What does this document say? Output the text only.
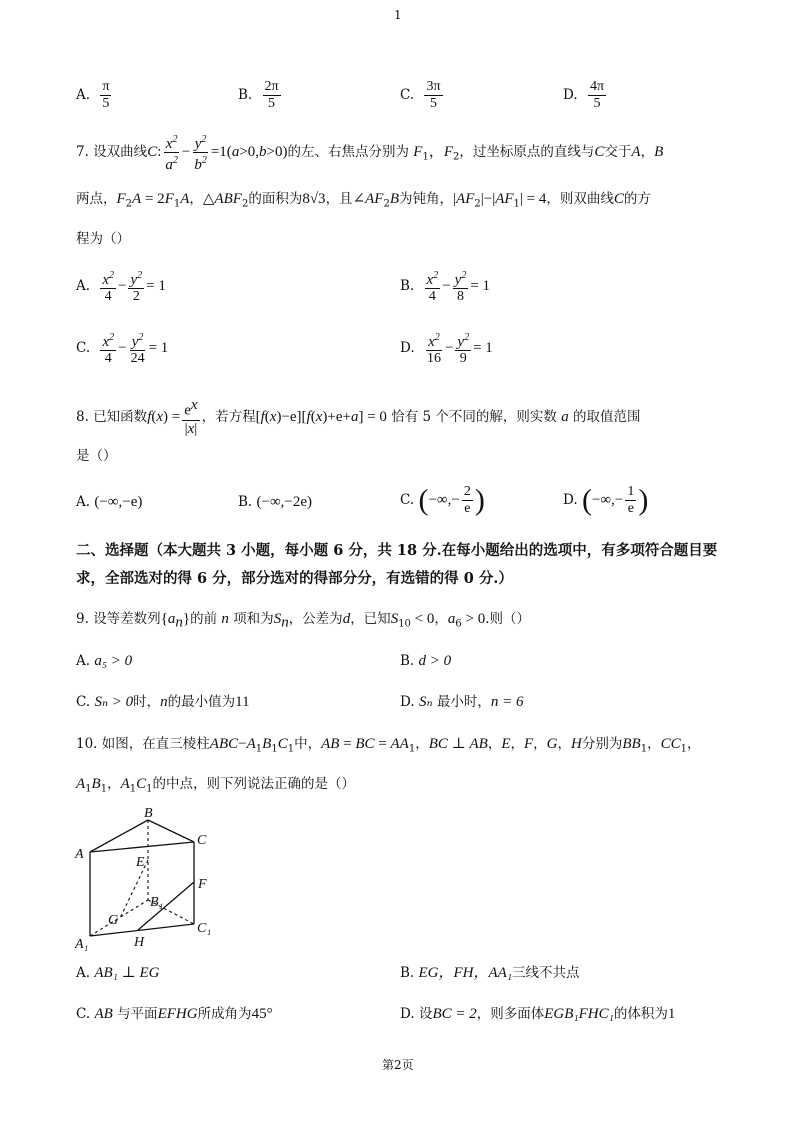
1
A. $\frac{\pi}{5}$	B. $\frac{2\pi}{5}$	C. $\frac{3\pi}{5}$	D. $\frac{4\pi}{5}$
7. 设双曲线C: $\frac{x^2}{a^2} - \frac{y^2}{b^2} =1(a>0,b>0)$的左、右焦点分别为 $F_1$，$F_2$，过坐标原点的直线与C交于A，B
两点，$F_2A = 2F_1A$，$\triangle ABF_2$的面积为8√3，且$\angle AF_2B$为钝角，$|AF_2|-|AF_1| = 4$，则双曲线C的方
程为（）
A. $\frac{x^2}{4} - \frac{y^2}{2} = 1$	B. $\frac{x^2}{4} - \frac{y^2}{8} = 1$
C. $\frac{x^2}{4} - \frac{y^2}{24} = 1$	D. $\frac{x^2}{16} - \frac{y^2}{9} = 1$
8. 已知函数$f(x) = \frac{e^x}{|x|}$ ，若方程[f(x)−e][f(x)+e+a] = 0 恰有 5 个不同的解，则实数 a 的取值范围
是（）
A. (−∞,−e)	B. (−∞,−2e)	C. (−∞,− $\frac{2}{e}$ )	D. (−∞,− $\frac{1}{e}$ )
二、选择题（本大题共 3 小题，每小题 6 分，共 18 分.在每小题给出的选项中，有多项符合题目要求，全部选对的得 6 分，部分选对的得部分分，有选错的得 0 分.）
9. 设等差数列$\{a_n\}$的前 n 项和为$S_n$，公差为d，已知$S_{10} < 0$，$a_6 > 0$.则（）
A. a₅ > 0	B. d > 0
C. Sₙ > 0时，n的最小值为11	D. Sₙ 最小时，n = 6
10. 如图，在直三棱柱$ABC-A_1B_1C_1$中，AB = BC = $AA_1$，BC ⊥ AB，E，F，G，H分别为$BB_1$，$CC_1$，
$A_1B_1$，$A_1C_1$的中点，则下列说法正确的是（）
B
C
A
E
F
B₁
G
C₁
A₁	H
A. AB₁ ⊥ EG	B. EG，FH，AA₁三线不共点
C. AB 与平面EFHG所成角为45°	D. 设BC = 2，则多面体EGB₁FHC₁的体积为1
第2页
